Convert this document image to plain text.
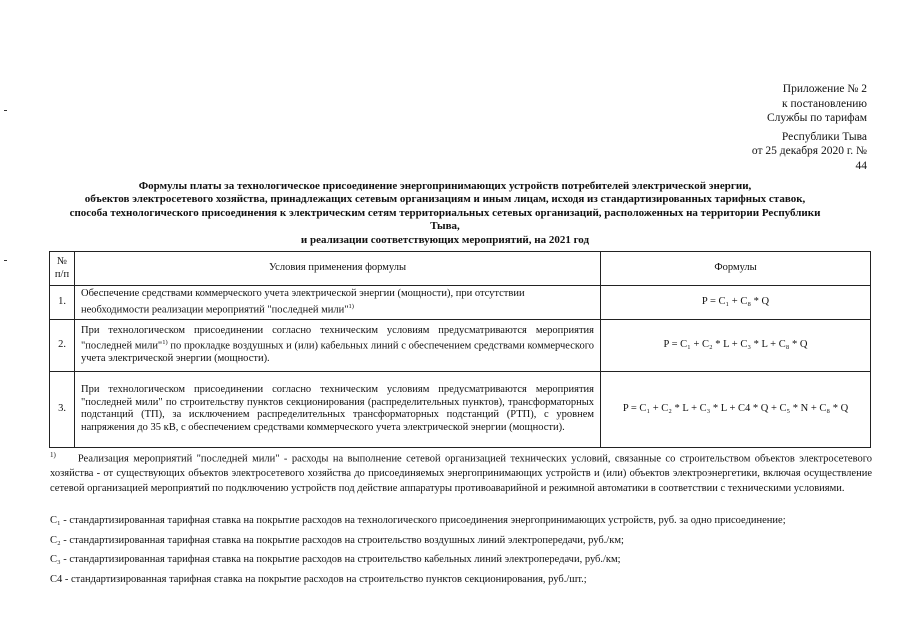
Приложение № 2
к постановлению
Службы по тарифам
Республики Тыва
от 25 декабря 2020 г. №
44
Формулы платы за технологическое присоединение энергопринимающих устройств потребителей электрической энергии,
объектов электросетевого хозяйства, принадлежащих сетевым организациям и иным лицам, исходя из стандартизированных тарифных ставок,
способа технологического присоединения к электрическим сетям территориальных сетевых организаций, расположенных на территории Республики
Тыва,
и реализации соответствующих мероприятий, на 2021 год
№ п/п	Условия применения формулы	Формулы
1.	Обеспечение средствами коммерческого учета электрической энергии (мощности), при отсутствии необходимости реализации мероприятий "последней мили"$^{1)}$	P = C₁ + C₈ * Q
2.	При технологическом присоединении согласно техническим условиям предусматриваются мероприятия "последней мили"$^{1)}$ по прокладке воздушных и (или) кабельных линий с обеспечением средствами коммерческого учета электрической энергии (мощности).	P = C₁ + C₂ * L + C₃ * L + C₈ * Q
3.	При технологическом присоединении согласно техническим условиям предусматриваются мероприятия "последней мили" по строительству пунктов секционирования (распределительных пунктов), трансформаторных подстанций (ТП), за исключением распределительных трансформаторных подстанций (РТП), с уровнем напряжения до 35 кВ, с обеспечением средствами коммерческого учета электрической энергии (мощности).	P = C₁ + C₂ * L + C₃ * L + C4 * Q + C₅ * N + C₈ * Q
$^{1)}$ Реализация мероприятий "последней мили" - расходы на выполнение сетевой организацией технических условий, связанные со строительством объектов электросетевого хозяйства - от существующих объектов электросетевого хозяйства до присоединяемых энергопринимающих устройств и (или) объектов электроэнергетики, включая осуществление сетевой организацией мероприятий по подключению устройств под действие аппаратуры противоаварийной и режимной автоматики в соответствии с техническими условиями.

C₁ - стандартизированная тарифная ставка на покрытие расходов на технологического присоединения энергопринимающих устройств, руб. за одно присоединение;

C₂ - стандартизированная тарифная ставка на покрытие расходов на строительство воздушных линий электропередачи, руб./км;

C₃ - стандартизированная тарифная ставка на покрытие расходов на строительство кабельных линий электропередачи, руб./км;

C4 - стандартизированная тарифная ставка на покрытие расходов на строительство пунктов секционирования, руб./шт.;
